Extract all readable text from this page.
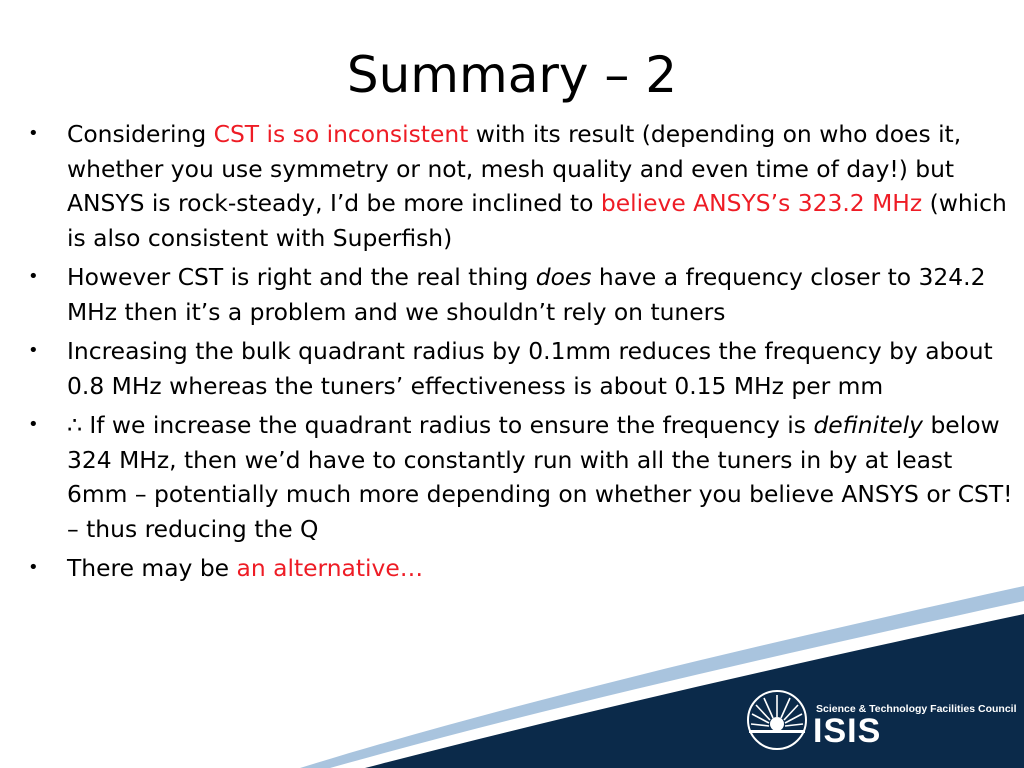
Summary – 2
• Considering CST is so inconsistent with its result (depending on who does it, whether you use symmetry or not, mesh quality and even time of day!) but ANSYS is rock-steady, I’d be more inclined to believe ANSYS’s 323.2 MHz (which is also consistent with Superfish)
• However CST is right and the real thing does have a frequency closer to 324.2 MHz then it’s a problem and we shouldn’t rely on tuners
• Increasing the bulk quadrant radius by 0.1mm reduces the frequency by about 0.8 MHz whereas the tuners’ effectiveness is about 0.15 MHz per mm
• ∴ If we increase the quadrant radius to ensure the frequency is definitely below 324 MHz, then we’d have to constantly run with all the tuners in by at least 6mm – potentially much more depending on whether you believe ANSYS or CST! – thus reducing the Q
• There may be an alternative…
Science & Technology Facilities Council
ISIS
